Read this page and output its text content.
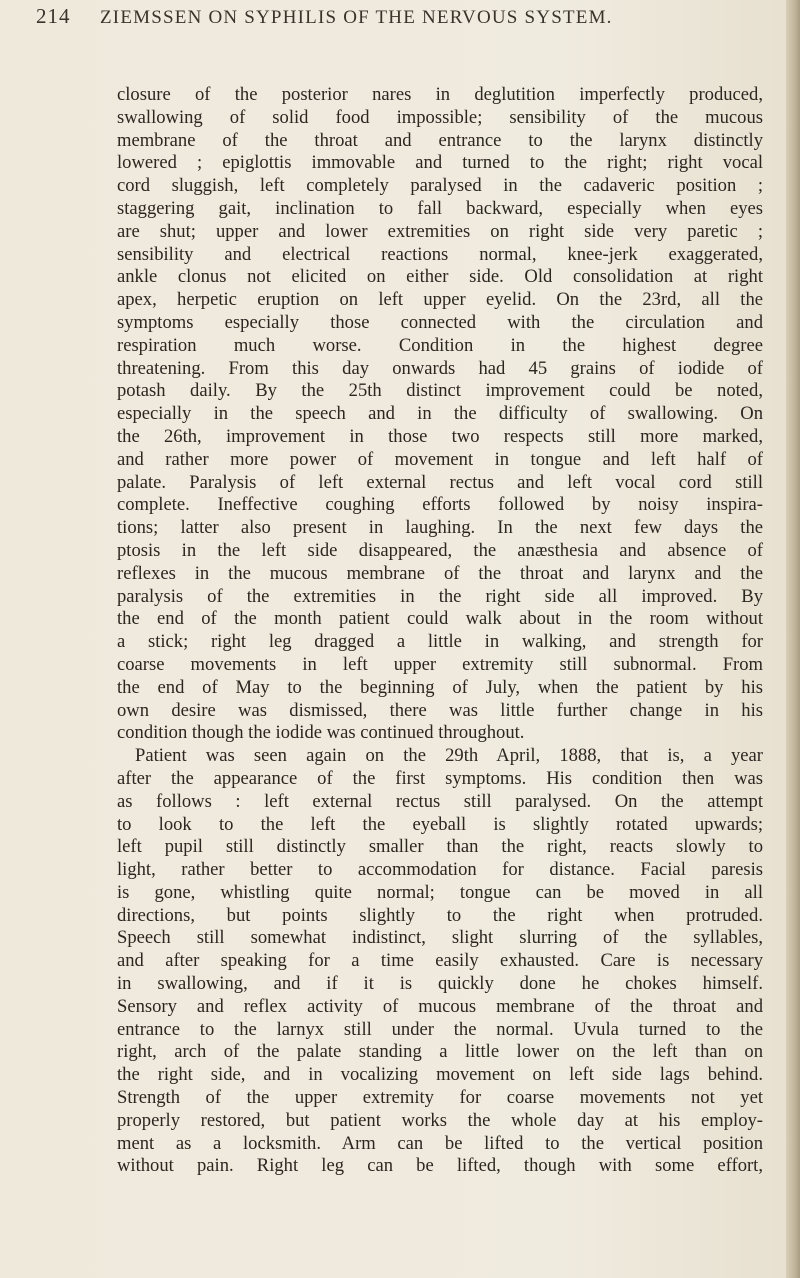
214 ZIEMSSEN ON SYPHILIS OF THE NERVOUS SYSTEM.
closure of the posterior nares in deglutition imperfectly produced,
swallowing of solid food impossible; sensibility of the mucous
membrane of the throat and entrance to the larynx distinctly
lowered ; epiglottis immovable and turned to the right; right vocal
cord sluggish, left completely paralysed in the cadaveric position ;
staggering gait, inclination to fall backward, especially when eyes
are shut; upper and lower extremities on right side very paretic ;
sensibility and electrical reactions normal, knee-jerk exaggerated,
ankle clonus not elicited on either side. Old consolidation at right
apex, herpetic eruption on left upper eyelid. On the 23rd, all the
symptoms especially those connected with the circulation and
respiration much worse. Condition in the highest degree
threatening. From this day onwards had 45 grains of iodide of
potash daily. By the 25th distinct improvement could be noted,
especially in the speech and in the difficulty of swallowing. On
the 26th, improvement in those two respects still more marked,
and rather more power of movement in tongue and left half of
palate. Paralysis of left external rectus and left vocal cord still
complete. Ineffective coughing efforts followed by noisy inspira-
tions; latter also present in laughing. In the next few days the
ptosis in the left side disappeared, the anæsthesia and absence of
reflexes in the mucous membrane of the throat and larynx and the
paralysis of the extremities in the right side all improved. By
the end of the month patient could walk about in the room without
a stick; right leg dragged a little in walking, and strength for
coarse movements in left upper extremity still subnormal. From
the end of May to the beginning of July, when the patient by his
own desire was dismissed, there was little further change in his
condition though the iodide was continued throughout.
Patient was seen again on the 29th April, 1888, that is, a year
after the appearance of the first symptoms. His condition then was
as follows : left external rectus still paralysed. On the attempt
to look to the left the eyeball is slightly rotated upwards;
left pupil still distinctly smaller than the right, reacts slowly to
light, rather better to accommodation for distance. Facial paresis
is gone, whistling quite normal; tongue can be moved in all
directions, but points slightly to the right when protruded.
Speech still somewhat indistinct, slight slurring of the syllables,
and after speaking for a time easily exhausted. Care is necessary
in swallowing, and if it is quickly done he chokes himself.
Sensory and reflex activity of mucous membrane of the throat and
entrance to the larnyx still under the normal. Uvula turned to the
right, arch of the palate standing a little lower on the left than on
the right side, and in vocalizing movement on left side lags behind.
Strength of the upper extremity for coarse movements not yet
properly restored, but patient works the whole day at his employ-
ment as a locksmith. Arm can be lifted to the vertical position
without pain. Right leg can be lifted, though with some effort,
